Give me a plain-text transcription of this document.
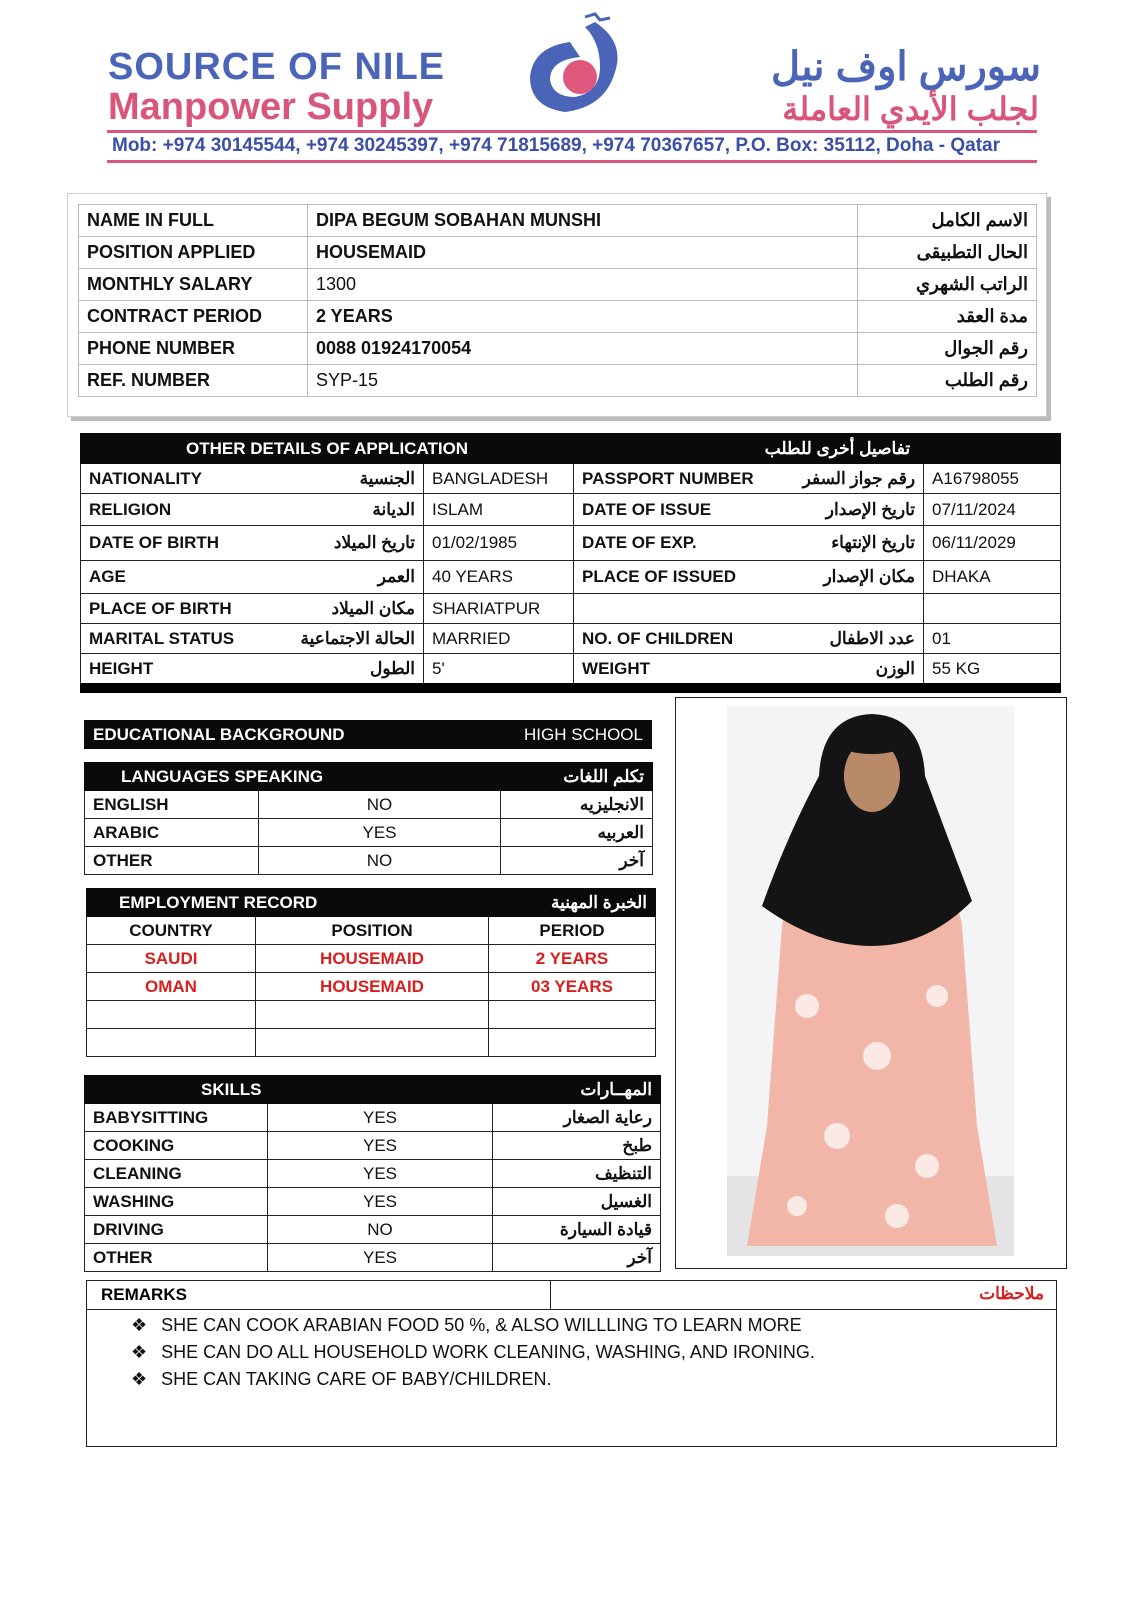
SOURCE OF NILE
Manpower Supply
سورس اوف نيل
لجلب الأيدي العاملة
Mob: +974 30145544, +974 30245397, +974 71815689, +974 70367657, P.O. Box: 35112, Doha - Qatar
NAME IN FULL	DIPA BEGUM SOBAHAN MUNSHI	الاسم الكامل
POSITION APPLIED	HOUSEMAID	الحال التطبيقى
MONTHLY SALARY	1300	الراتب الشهري
CONTRACT PERIOD	2 YEARS	مدة العقد
PHONE NUMBER	0088 01924170054	رقم الجوال
REF. NUMBER	SYP-15	رقم الطلب
OTHER DETAILS OF APPLICATION			تفاصيل أخرى للطلب		
NATIONALITY	الجنسية	BANGLADESH	PASSPORT NUMBER	رقم جواز السفر	A16798055
RELIGION	الديانة	ISLAM	DATE OF ISSUE	تاريخ الإصدار	07/11/2024
DATE OF BIRTH	تاريخ الميلاد	01/02/1985	DATE OF EXP.	تاريخ الإنتهاء	06/11/2029
AGE	العمر	40 YEARS	PLACE OF ISSUED	مكان الإصدار	DHAKA
PLACE OF BIRTH	مكان الميلاد	SHARIATPUR			
MARITAL STATUS	الحالة الاجتماعية	MARRIED	NO. OF CHILDREN	عدد الاطفال	01
HEIGHT	الطول	5'	WEIGHT	الوزن	55 KG
EDUCATIONAL BACKGROUND	HIGH SCHOOL
LANGUAGES SPEAKING		تكلم اللغات
ENGLISH	NO	الانجليزيه
ARABIC	YES	العربيه
OTHER	NO	آخر
EMPLOYMENT RECORD		الخبرة المهنية
COUNTRY	POSITION	PERIOD
SAUDI	HOUSEMAID	2 YEARS
OMAN	HOUSEMAID	03 YEARS

SKILLS		المهــارات
BABYSITTING	YES	رعاية الصغار
COOKING	YES	طبخ
CLEANING	YES	التنظيف
WASHING	YES	الغسيل
DRIVING	NO	قيادة السيارة
OTHER	YES	آخر
REMARKS	ملاحظات
❖ SHE CAN COOK ARABIAN FOOD 50 %, & ALSO WILLLING TO LEARN MORE
❖ SHE CAN DO ALL HOUSEHOLD WORK CLEANING, WASHING, AND IRONING.
❖ SHE CAN TAKING CARE OF BABY/CHILDREN.
